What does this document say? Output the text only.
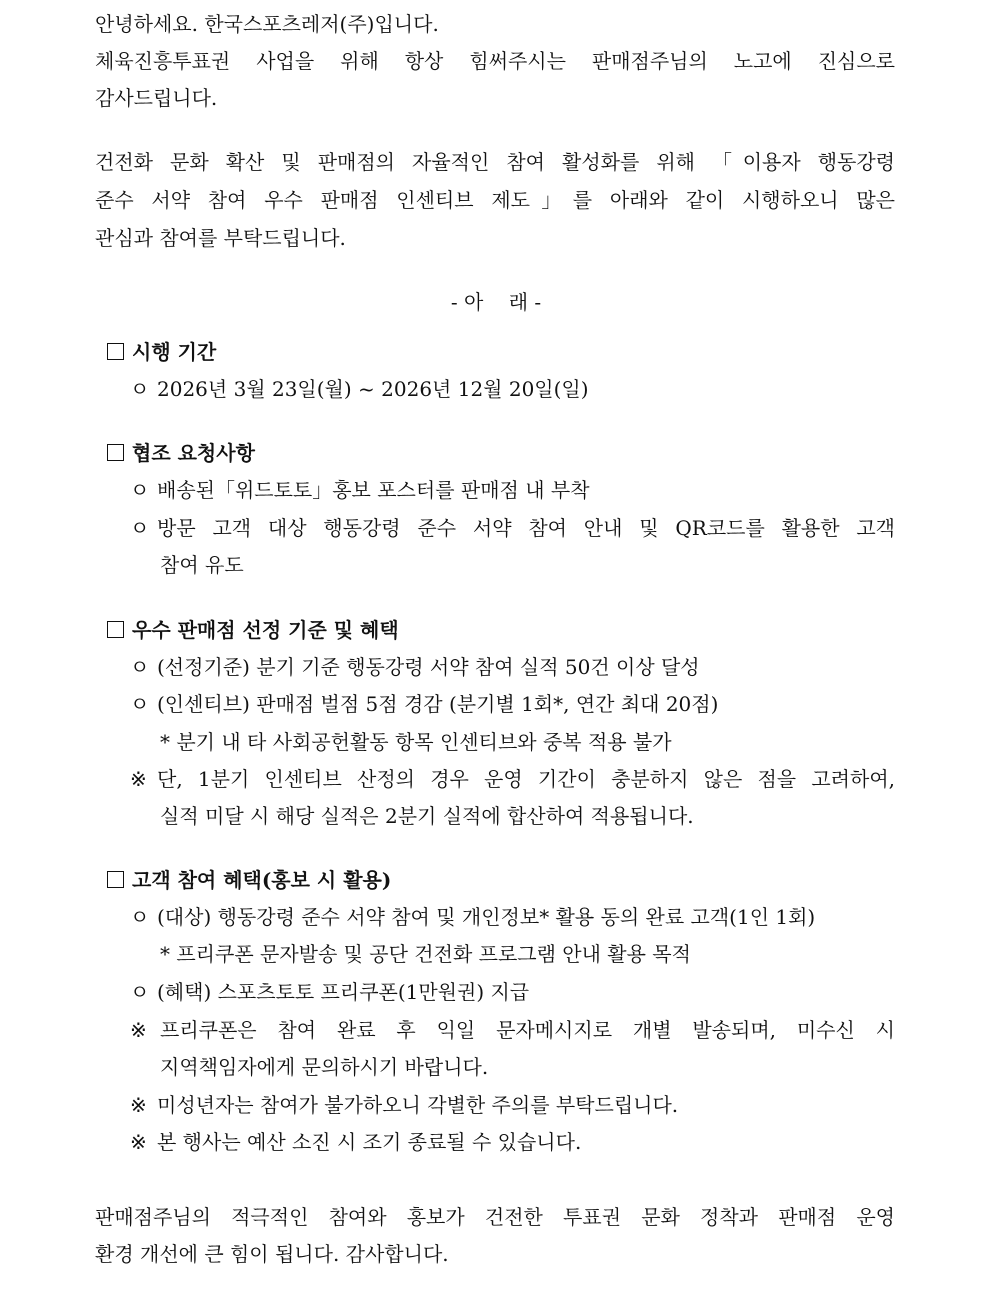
안녕하세요. 한국스포츠레저(주)입니다.
체육진흥투표권 사업을 위해 항상 힘써주시는 판매점주님의 노고에 진심으로
감사드립니다.
건전화 문화 확산 및 판매점의 자율적인 참여 활성화를 위해 「이용자 행동강령
준수 서약 참여 우수 판매점 인센티브 제도」를 아래와 같이 시행하오니 많은
관심과 참여를 부탁드립니다.
- 아    래 -
시행 기간
ㅇ 2026년 3월 23일(월) ~ 2026년 12월 20일(일)
협조 요청사항
ㅇ 배송된「위드토토」홍보 포스터를 판매점 내 부착
ㅇ 방문 고객 대상 행동강령 준수 서약 참여 안내 및 QR코드를 활용한 고객
참여 유도
우수 판매점 선정 기준 및 혜택
ㅇ (선정기준) 분기 기준 행동강령 서약 참여 실적 50건 이상 달성
ㅇ (인센티브) 판매점 벌점 5점 경감 (분기별 1회*, 연간 최대 20점)
* 분기 내 타 사회공헌활동 항목 인센티브와 중복 적용 불가
※ 단, 1분기 인센티브 산정의 경우 운영 기간이 충분하지 않은 점을 고려하여,
실적 미달 시 해당 실적은 2분기 실적에 합산하여 적용됩니다.
고객 참여 혜택(홍보 시 활용)
ㅇ (대상) 행동강령 준수 서약 참여 및 개인정보* 활용 동의 완료 고객(1인 1회)
* 프리쿠폰 문자발송 및 공단 건전화 프로그램 안내 활용 목적
ㅇ (혜택) 스포츠토토 프리쿠폰(1만원권) 지급
※ 프리쿠폰은 참여 완료 후 익일 문자메시지로 개별 발송되며, 미수신 시
지역책임자에게 문의하시기 바랍니다.
※ 미성년자는 참여가 불가하오니 각별한 주의를 부탁드립니다.
※ 본 행사는 예산 소진 시 조기 종료될 수 있습니다.
판매점주님의 적극적인 참여와 홍보가 건전한 투표권 문화 정착과 판매점 운영
환경 개선에 큰 힘이 됩니다. 감사합니다.
